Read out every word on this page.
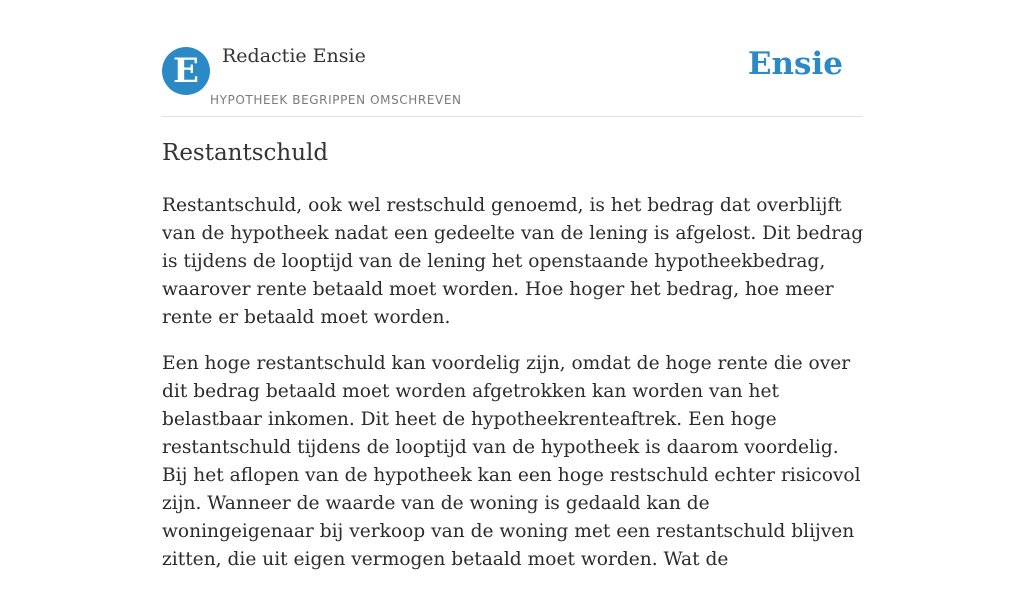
E	Redactie Ensie
HYPOTHEEK BEGRIPPEN OMSCHREVEN
Ensie
Restantschuld

Restantschuld, ook wel restschuld genoemd, is het bedrag dat overblijft van de hypotheek nadat een gedeelte van de lening is afgelost. Dit bedrag is tijdens de looptijd van de lening het openstaande hypotheekbedrag, waarover rente betaald moet worden. Hoe hoger het bedrag, hoe meer rente er betaald moet worden.

Een hoge restantschuld kan voordelig zijn, omdat de hoge rente die over dit bedrag betaald moet worden afgetrokken kan worden van het belastbaar inkomen. Dit heet de hypotheekrenteaftrek. Een hoge restantschuld tijdens de looptijd van de hypotheek is daarom voordelig. Bij het aflopen van de hypotheek kan een hoge restschuld echter risicovol zijn. Wanneer de waarde van de woning is gedaald kan de woningeigenaar bij verkoop van de woning met een restantschuld blijven zitten, die uit eigen vermogen betaald moet worden. Wat de
